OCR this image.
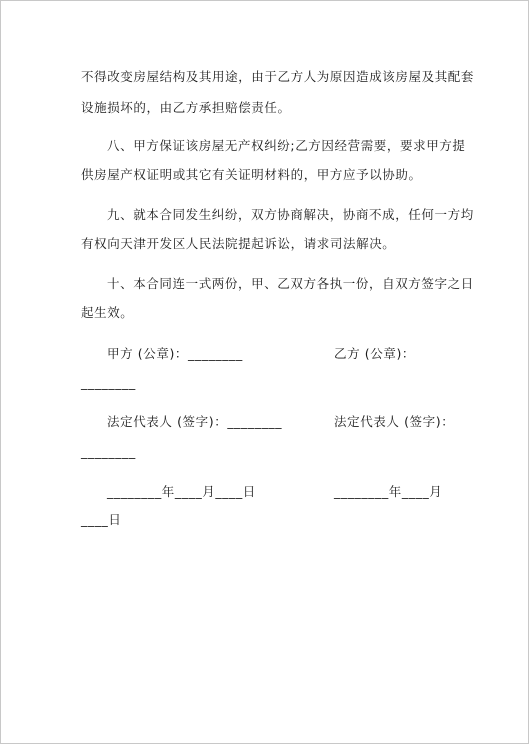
不得改变房屋结构及其用途，由于乙方人为原因造成该房屋及其配套
设施损坏的，由乙方承担赔偿责任。
八、甲方保证该房屋无产权纠纷;乙方因经营需要，要求甲方提
供房屋产权证明或其它有关证明材料的，甲方应予以协助。
九、就本合同发生纠纷，双方协商解决，协商不成，任何一方均
有权向天津开发区人民法院提起诉讼，请求司法解决。
十、本合同连一式两份，甲、乙双方各执一份，自双方签字之日
起生效。
甲方 (公章)：________	乙方 (公章)：
________
法定代表人 (签字)：________	法定代表人 (签字)：
________
________年____月____日	________年____月
____日
